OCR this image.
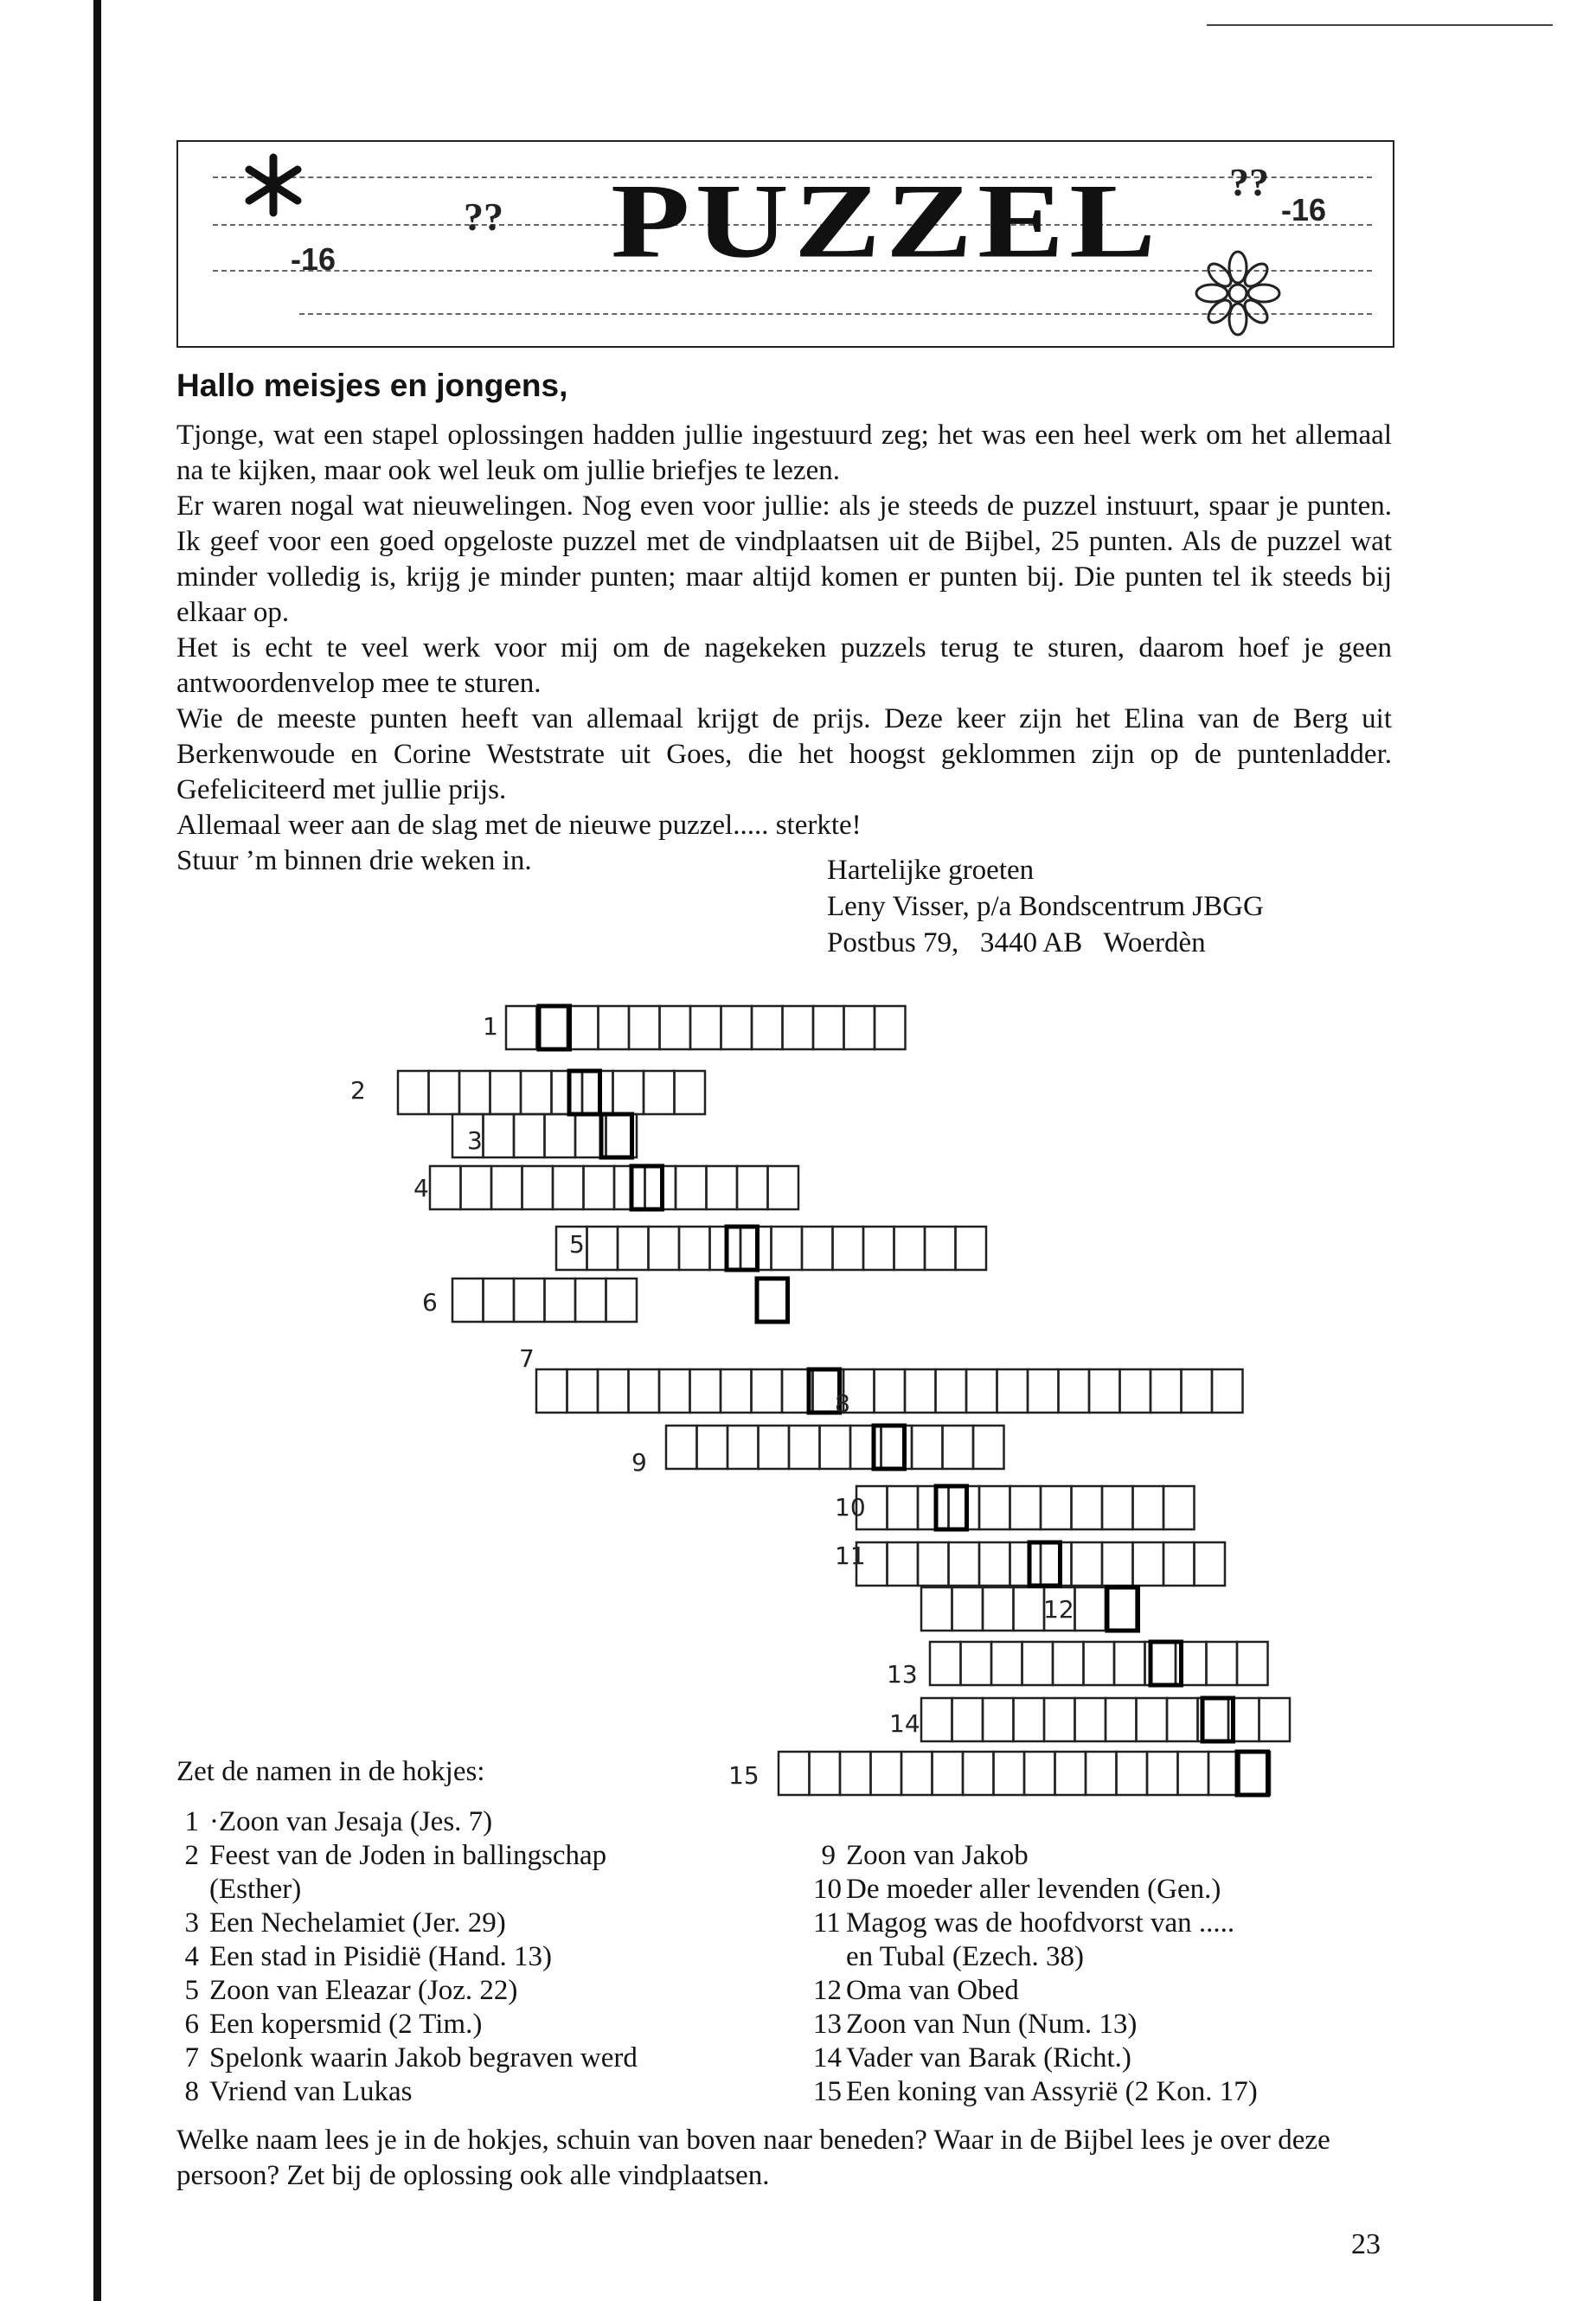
PUZZEL
-16
-16
??
??
Hallo meisjes en jongens,

Tjonge, wat een stapel oplossingen hadden jullie ingestuurd zeg; het was een heel werk om het allemaal na te kijken, maar ook wel leuk om jullie briefjes te lezen.

Er waren nogal wat nieuwelingen. Nog even voor jullie: als je steeds de puzzel instuurt, spaar je punten. Ik geef voor een goed opgeloste puzzel met de vindplaatsen uit de Bijbel, 25 punten. Als de puzzel wat minder volledig is, krijg je minder punten; maar altijd komen er punten bij. Die punten tel ik steeds bij elkaar op.

Het is echt te veel werk voor mij om de nagekeken puzzels terug te sturen, daarom hoef je geen antwoordenvelop mee te sturen.

Wie de meeste punten heeft van allemaal krijgt de prijs. Deze keer zijn het Elina van de Berg uit Berkenwoude en Corine Weststrate uit Goes, die het hoogst geklommen zijn op de puntenladder. Gefeliciteerd met jullie prijs.

Allemaal weer aan de slag met de nieuwe puzzel..... sterkte!

Stuur ’m binnen drie weken in.	Hartelijke groeten
Leny Visser, p/a Bondscentrum JBGG
Postbus 79,   3440 AB   Woerdèn
1
2
3
4
5
6
7
8
9
10
11
12
13
14
15
Zet de namen in de hokjes:
1 ·Zoon van Jesaja (Jes. 7)
2 Feest van de Joden in ballingschap
(Esther)
3 Een Nechelamiet (Jer. 29)
4 Een stad in Pisidië (Hand. 13)
5 Zoon van Eleazar (Joz. 22)
6 Een kopersmid (2 Tim.)
7 Spelonk waarin Jakob begraven werd
8 Vriend van Lukas
9 Zoon van Jakob
10 De moeder aller levenden (Gen.)
11 Magog was de hoofdvorst van .....
en Tubal (Ezech. 38)
12 Oma van Obed
13 Zoon van Nun (Num. 13)
14 Vader van Barak (Richt.)
15 Een koning van Assyrië (2 Kon. 17)
Welke naam lees je in de hokjes, schuin van boven naar beneden? Waar in de Bijbel lees je over deze persoon? Zet bij de oplossing ook alle vindplaatsen.
23
